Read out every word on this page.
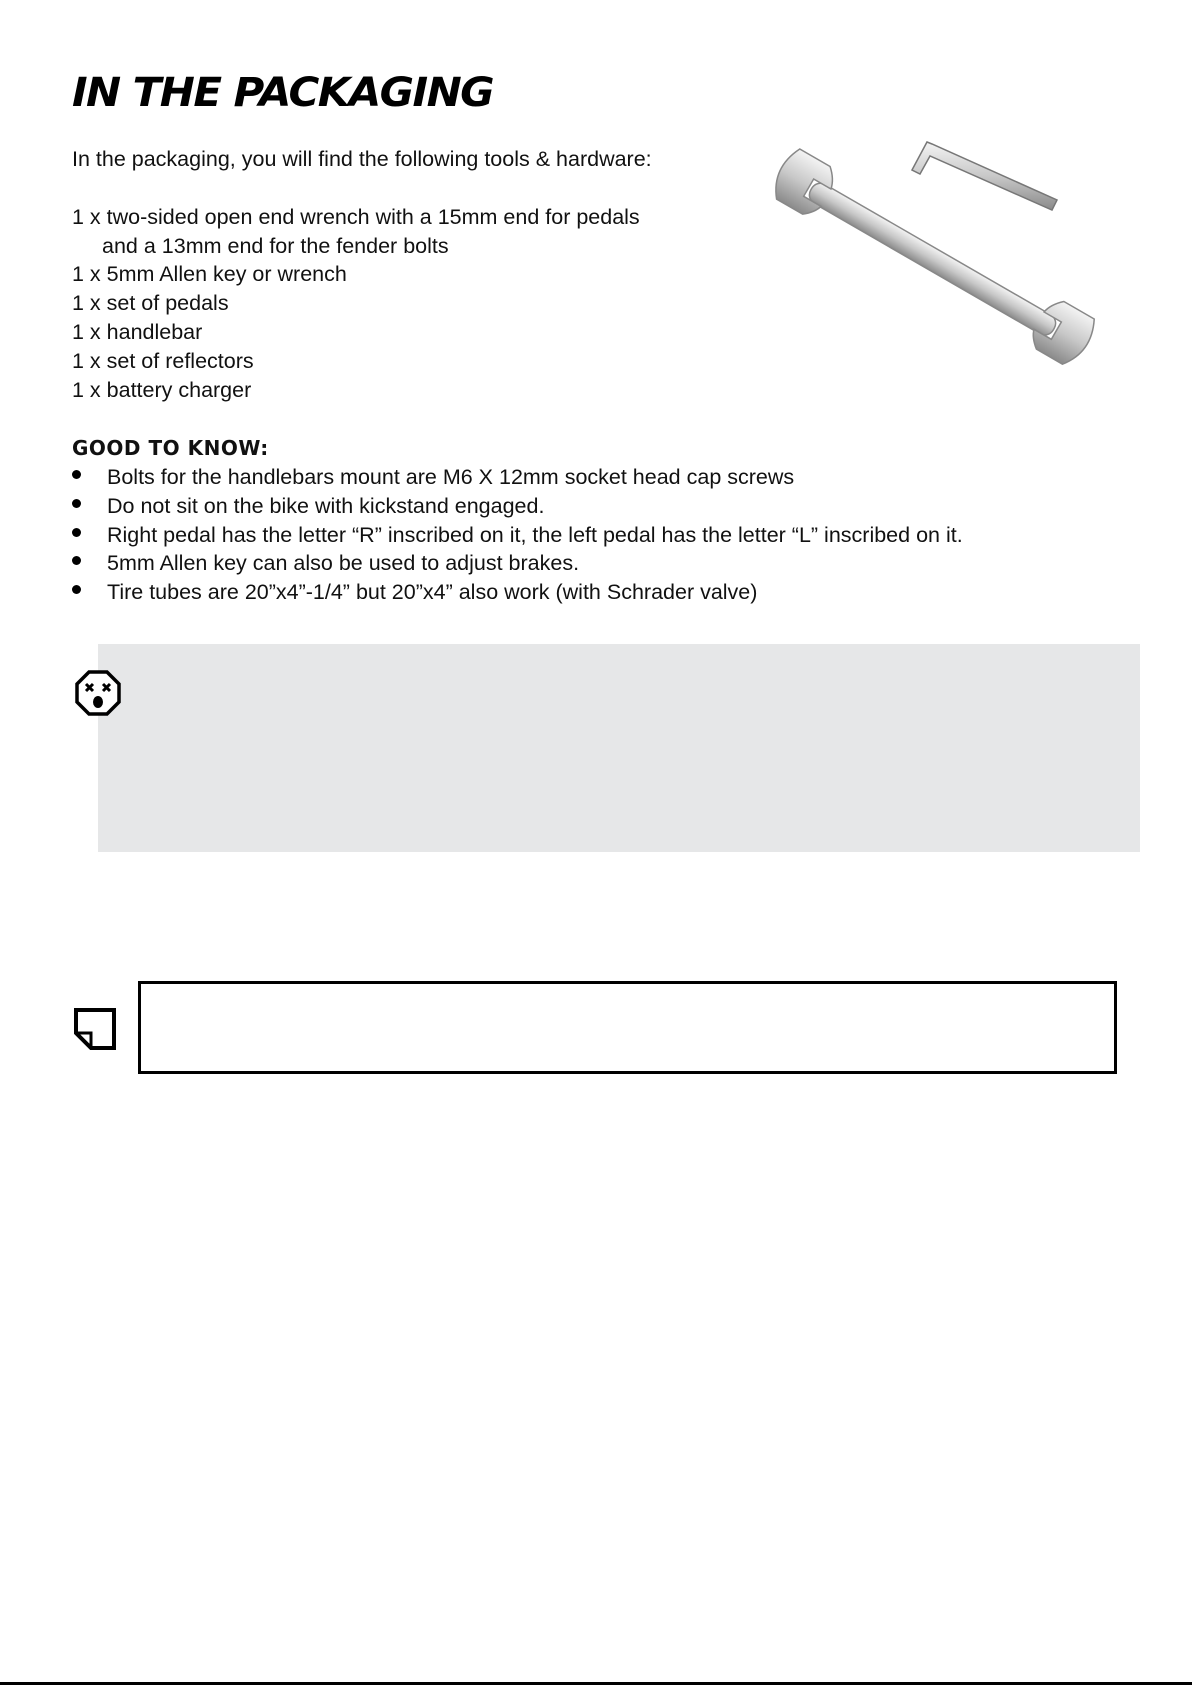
IN THE PACKAGING
In the packaging, you will find the following tools & hardware:
1 x two-sided open end wrench with a 15mm end for pedals
and a 13mm end for the fender bolts
1 x 5mm Allen key or wrench
1 x set of pedals
1 x handlebar
1 x set of reflectors
1 x battery charger
GOOD TO KNOW:
Bolts for the handlebars mount are M6 X 12mm socket head cap screws
Do not sit on the bike with kickstand engaged.
Right pedal has the letter “R” inscribed on it, the left pedal has the letter “L” inscribed on it.
5mm Allen key can also be used to adjust brakes.
Tire tubes are 20”x4”-1/4” but 20”x4” also work (with Schrader valve)
